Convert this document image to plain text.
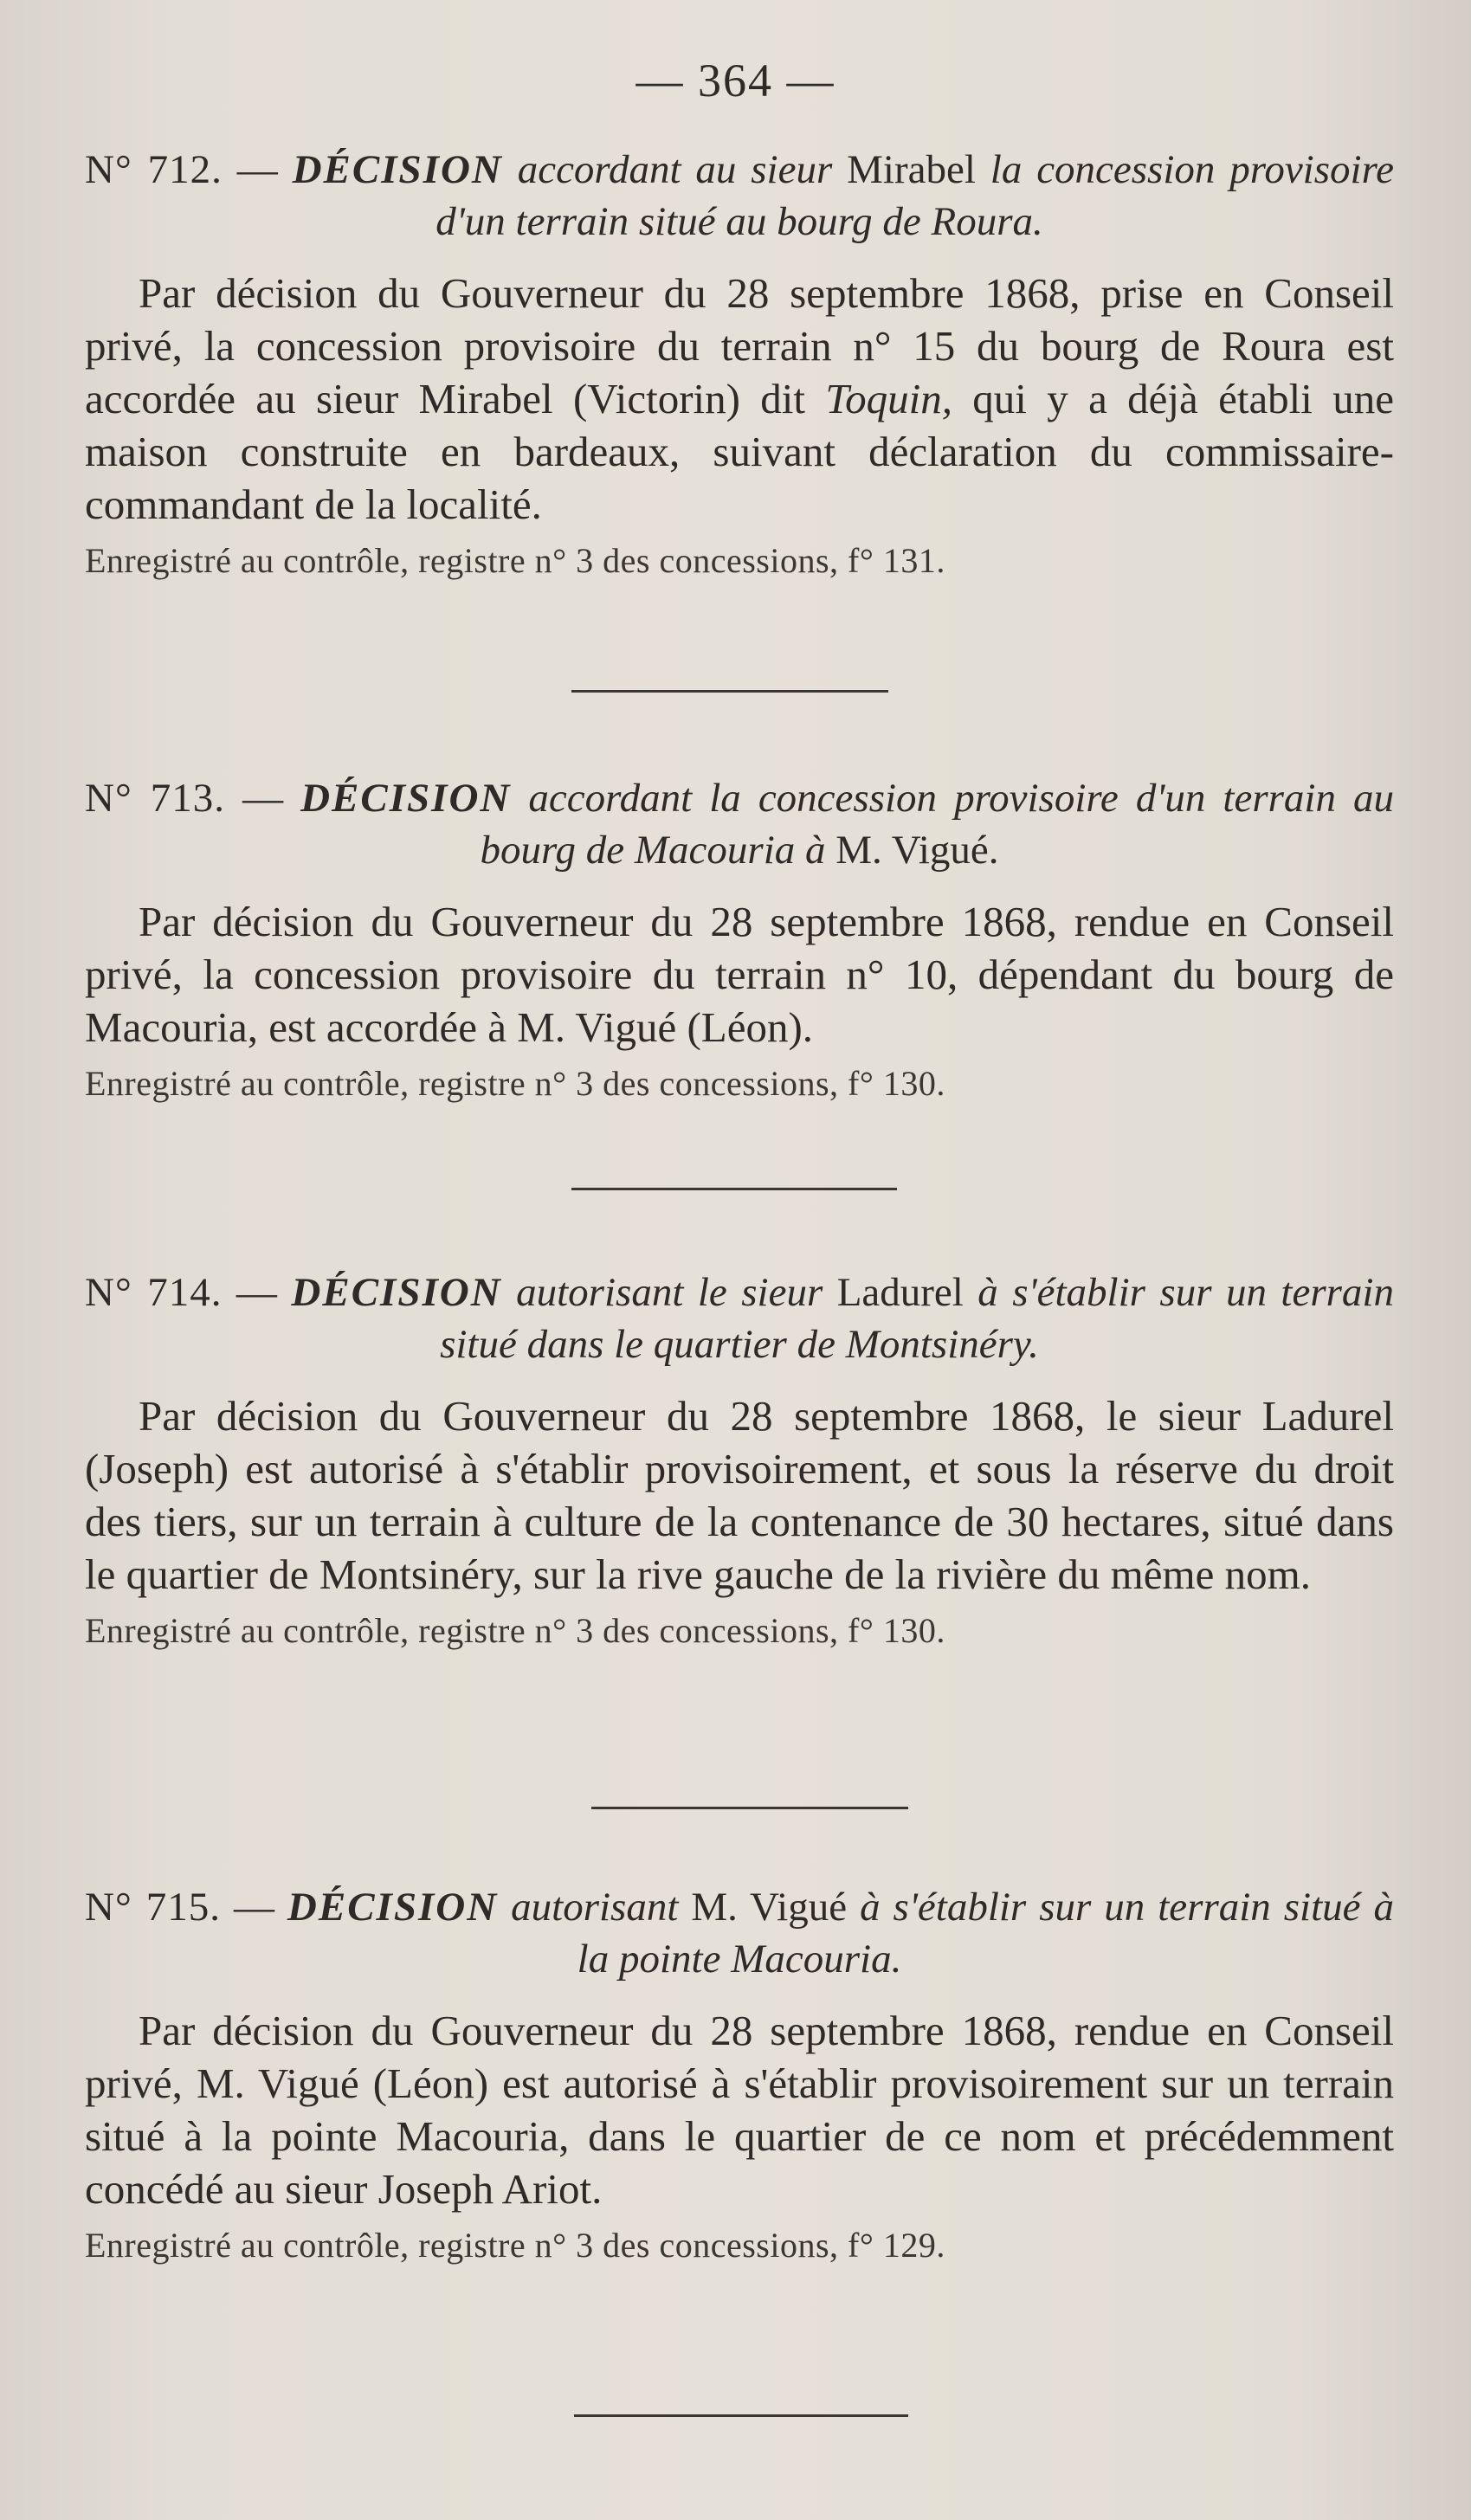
— 364 —

N° 712. — DÉCISION accordant au sieur Mirabel la concession provisoire d'un terrain situé au bourg de Roura.

Par décision du Gouverneur du 28 septembre 1868, prise en Conseil privé, la concession provisoire du terrain n° 15 du bourg de Roura est accordée au sieur Mirabel (Victorin) dit Toquin, qui y a déjà établi une maison construite en bardeaux, suivant déclaration du commissaire-commandant de la localité.

Enregistré au contrôle, registre n° 3 des concessions, f° 131.

N° 713. — DÉCISION accordant la concession provisoire d'un terrain au bourg de Macouria à M. Vigué.

Par décision du Gouverneur du 28 septembre 1868, rendue en Conseil privé, la concession provisoire du terrain n° 10, dépendant du bourg de Macouria, est accordée à M. Vigué (Léon).

Enregistré au contrôle, registre n° 3 des concessions, f° 130.

N° 714. — DÉCISION autorisant le sieur Ladurel à s'établir sur un terrain situé dans le quartier de Montsinéry.

Par décision du Gouverneur du 28 septembre 1868, le sieur Ladurel (Joseph) est autorisé à s'établir provisoirement, et sous la réserve du droit des tiers, sur un terrain à culture de la contenance de 30 hectares, situé dans le quartier de Montsinéry, sur la rive gauche de la rivière du même nom.

Enregistré au contrôle, registre n° 3 des concessions, f° 130.

N° 715. — DÉCISION autorisant M. Vigué à s'établir sur un terrain situé à la pointe Macouria.

Par décision du Gouverneur du 28 septembre 1868, rendue en Conseil privé, M. Vigué (Léon) est autorisé à s'établir provisoirement sur un terrain situé à la pointe Macouria, dans le quartier de ce nom et précédemment concédé au sieur Joseph Ariot.

Enregistré au contrôle, registre n° 3 des concessions, f° 129.
